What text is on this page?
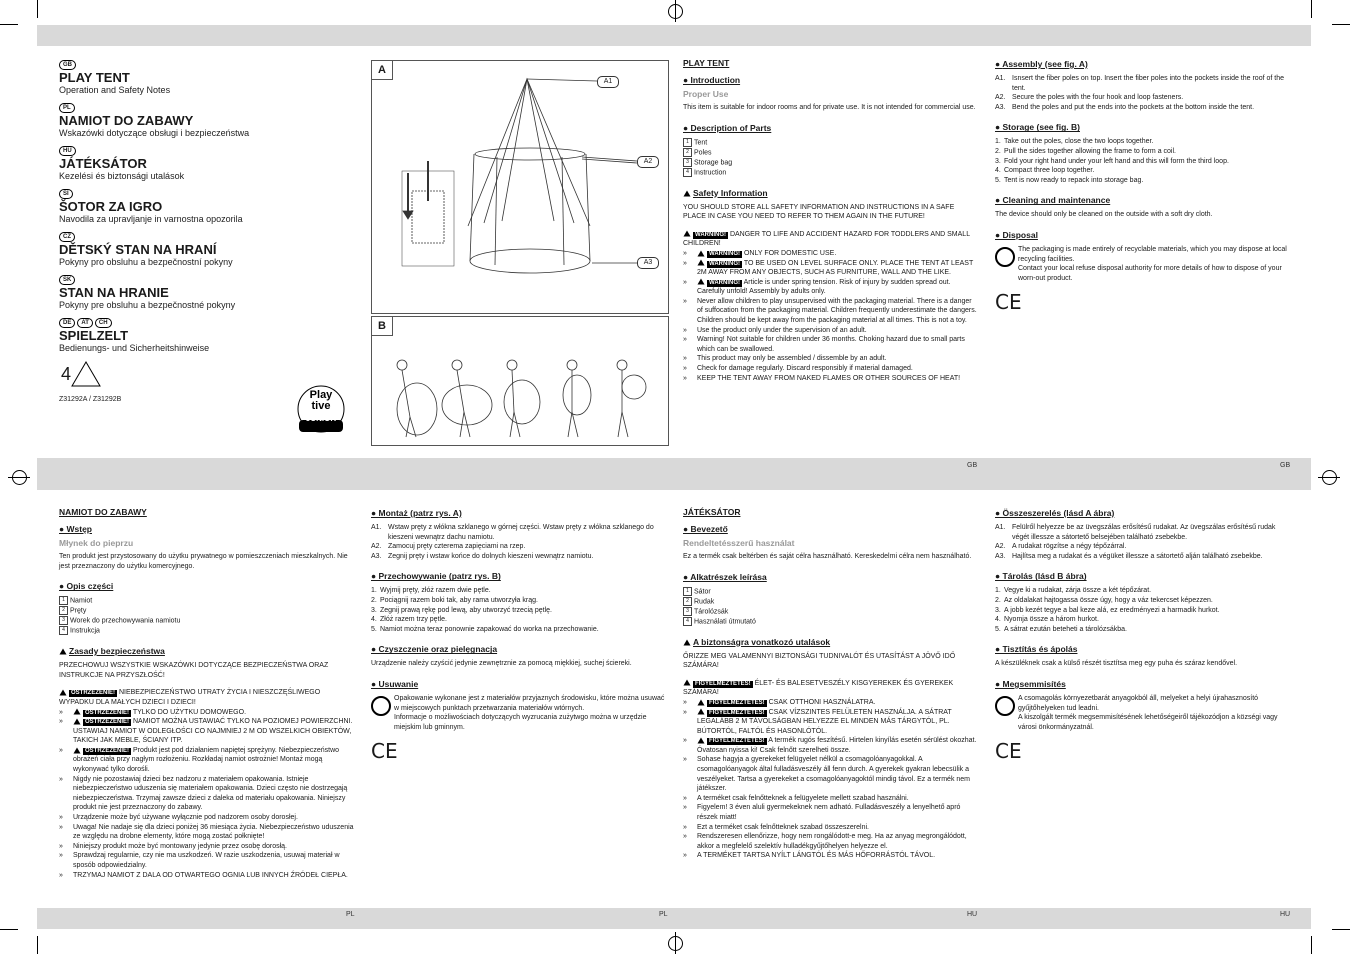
GB	GB
PL	PL	HU	HU
GB
PLAY TENT
Operation and Safety Notes
PL
NAMIOT DO ZABAWY
Wskazówki dotyczące obsługi i bezpieczeństwa
HU
JÁTÉKSÁTOR
Kezelési és biztonsági utalások
SI
ŠOTOR ZA IGRO
Navodila za upravljanje in varnostna opozorila
CZ
DĚTSKÝ STAN NA HRANÍ
Pokyny pro obsluhu a bezpečnostní pokyny
SK
STAN NA HRANIE
Pokyny pre obsluhu a bezpečnostné pokyny
DE AT CH
SPIELZELT
Bedienungs- und Sicherheitshinweise
4
Z31292A / Z31292B	Play
tive
JUNIOR
A
A1
A2
A3
B
PLAY TENT
● Introduction
Proper Use

This item is suitable for indoor rooms and for private use. It is not intended for commercial use.

● Description of Parts
1 Tent
2 Poles
3 Storage bag
4 Instruction
Safety Information

YOU SHOULD STORE ALL SAFETY INFORMATION AND INSTRUCTIONS IN A SAFE PLACE IN CASE YOU NEED TO REFER TO THEM AGAIN IN THE FUTURE!

WARNING! DANGER TO LIFE AND ACCIDENT HAZARD FOR TODDLERS AND SMALL CHILDREN!

»	WARNING! ONLY FOR DOMESTIC USE.
»	WARNING! TO BE USED ON LEVEL SURFACE ONLY. PLACE THE TENT AT LEAST 2M AWAY FROM ANY OBJECTS, SUCH AS FURNITURE, WALL AND THE LIKE.
»	WARNING! Article is under spring tension. Risk of injury by sudden spread out. Carefully unfold! Assembly by adults only.
» Never allow children to play unsupervised with the packaging material. There is a danger of suffocation from the packaging material. Children frequently underestimate the dangers. Children should be kept away from the packaging material at all times. This is not a toy.
» Use the product only under the supervision of an adult.
» Warning! Not suitable for children under 36 months. Choking hazard due to small parts which can be swallowed.
» This product may only be assembled / dissemble by an adult.
» Check for damage regularly. Discard responsibly if material damaged.
» KEEP THE TENT AWAY FROM NAKED FLAMES OR OTHER SOURCES OF HEAT!
● Assembly (see fig. A)
A1. Isnsert the fiber poles on top. Insert the fiber poles into the pockets inside the roof of the tent.
A2. Secure the poles with the four hook and loop fasteners.
A3. Bend the poles and put the ends into the pockets at the bottom inside the tent.
● Storage (see fig. B)
1. Take out the poles, close the two loops together.
2. Pull the sides together allowing the frame to form a coil.
3. Fold your right hand under your left hand and this will form the third loop.
4. Compact three loop together.
5. Tent is now ready to repack into storage bag.
● Cleaning and maintenance

The device should only be cleaned on the outside with a soft dry cloth.

● Disposal

The packaging is made entirely of recyclable materials, which you may dispose at local recycling facilities.

Contact your local refuse disposal authority for more details of how to dispose of your worn-out product.

CE
NAMIOT DO ZABAWY
● Wstęp
Młynek do pieprzu

Ten produkt jest przystosowany do użytku prywatnego w pomieszczeniach mieszkalnych. Nie jest przeznaczony do użytku komercyjnego.

● Opis części
1 Namiot
2 Pręty
3 Worek do przechowywania namiotu
4 Instrukcja
Zasady bezpieczeństwa

PRZECHOWUJ WSZYSTKIE WSKAZÓWKI DOTYCZĄCE BEZPIECZEŃSTWA ORAZ INSTRUKCJE NA PRZYSZŁOŚĆ!

OSTRZEŻENIE! NIEBEZPIECZEŃSTWO UTRATY ŻYCIA I NIESZCZĘŚLIWEGO WYPADKU DLA MAŁYCH DZIECI I DZIECI!

»	OSTRZEŻENIE! TYLKO DO UŻYTKU DOMOWEGO.
»	OSTRZEŻENIE! NAMIOT MOŻNA USTAWIAĆ TYLKO NA POZIOMEJ POWIERZCHNI. USTAWIAJ NAMIOT W ODLEGŁOŚCI CO NAJMNIEJ 2 M OD WSZELKICH OBIEKTÓW, TAKICH JAK MEBLE, ŚCIANY ITP.
»	OSTRZEŻENIE! Produkt jest pod działaniem napiętej sprężyny. Niebezpieczeństwo obrażeń ciała przy nagłym rozłożeniu. Rozkładaj namiot ostrożnie! Montaż mogą wykonywać tylko dorośli.
» Nigdy nie pozostawiaj dzieci bez nadzoru z materiałem opakowania. Istnieje niebezpieczeństwo uduszenia się materiałem opakowania. Dzieci często nie dostrzegają niebezpieczeństwa. Trzymaj zawsze dzieci z daleka od materiału opakowania. Niniejszy produkt nie jest przeznaczony do zabawy.
» Urządzenie może być używane wyłącznie pod nadzorem osoby dorosłej.
» Uwaga! Nie nadaje się dla dzieci poniżej 36 miesiąca życia. Niebezpieczeństwo uduszenia ze względu na drobne elementy, które mogą zostać połknięte!
» Niniejszy produkt może być montowany jedynie przez osobę dorosłą.
» Sprawdzaj regularnie, czy nie ma uszkodzeń. W razie uszkodzenia, usuwaj materiał w sposób odpowiedzialny.
» TRZYMAJ NAMIOT Z DALA OD OTWARTEGO OGNIA LUB INNYCH ŹRÓDEŁ CIEPŁA.
● Montaż (patrz rys. A)
A1. Wstaw pręty z włókna szklanego w górnej części. Wstaw pręty z włókna szklanego do kieszeni wewnątrz dachu namiotu.
A2. Zamocuj pręty czterema zapięciami na rzep.
A3. Zegnij pręty i wstaw końce do dolnych kieszeni wewnątrz namiotu.
● Przechowywanie (patrz rys. B)
1. Wyjmij pręty, złóż razem dwie pętle.
2. Pociągnij razem boki tak, aby rama utworzyła krąg.
3. Zegnij prawą rękę pod lewą, aby utworzyć trzecią pętlę.
4. Złóż razem trzy pętle.
5. Namiot można teraz ponownie zapakować do worka na przechowanie.
● Czyszczenie oraz pielęgnacja

Urządzenie należy czyścić jedynie zewnętrznie za pomocą miękkiej, suchej ściereki.

● Usuwanie

Opakowanie wykonane jest z materiałów przyjaznych środowisku, które można usuwać w miejscowych punktach przetwarzania materiałów wtórnych.

Informacje o możliwościach dotyczących wyzrucania zużytwgo można w urzędzie miejskim lub gminnym.

CE
JÁTÉKSÁTOR
● Bevezető
Rendeltetésszerű használat

Ez a termék csak beltérben és saját célra használható. Kereskedelmi célra nem használható.

● Alkatrészek leírása
1 Sátor
2 Rudak
3 Tárolózsák
4 Használati útmutató
A biztonságra vonatkozó utalások

ŐRIZZE MEG VALAMENNYI BIZTONSÁGI TUDNIVALÓT ÉS UTASÍTÁST A JÖVŐ IDŐ SZÁMÁRA!

FIGYELMEZTETÉS! ÉLET- ÉS BALESETVESZÉLY KISGYEREKEK ÉS GYEREKEK SZÁMÁRA!

»	FIGYELMEZTETÉS! CSAK OTTHONI HASZNÁLATRA.
»	FIGYELMEZTETÉS! CSAK VÍZSZINTES FELÜLETEN HASZNÁLJA. A SÁTRAT LEGALÁBB 2 M TÁVOLSÁGBAN HELYEZZE EL MINDEN MÁS TÁRGYTÓL, PL. BÚTORTÓL, FALTÓL ÉS HASONLÓTÓL.
»	FIGYELMEZTETÉS! A termék rugós feszítésű. Hirtelen kinyílás esetén sérülést okozhat. Óvatosan nyissa ki! Csak felnőtt szerelheti össze.
» Sohase hagyja a gyerekeket felügyelet nélkül a csomagolóanyagokkal. A csomagolóanyagok által fulladásveszély áll fenn durch. A gyerekek gyakran lebecsülik a veszélyeket. Tartsa a gyerekeket a csomagolóanyagoktól mindig távol. Ez a termék nem játékszer.
» A terméket csak felnőtteknek a felügyelete mellett szabad használni.
» Figyelem! 3 éven aluli gyermekeknek nem adható. Fulladásveszély a lenyelhető apró részek miatt!
» Ezt a terméket csak felnőtteknek szabad összeszerelni.
» Rendszeresen ellenőrizze, hogy nem rongálódott-e meg. Ha az anyag megrongálódott, akkor a megfelelő szelektív hulladékgyűjtőhelyen helyezze el.
» A TERMÉKET TARTSA NYÍLT LÁNGTÓL ÉS MÁS HŐFORRÁSTÓL TÁVOL.
● Összeszerelés (lásd A ábra)
A1. Felülről helyezze be az üvegszálas erősítésű rudakat. Az üvegszálas erősítésű rudak végét illessze a sátortető belsejében található zsebekbe.
A2. A rudakat rögzítse a négy tépőzárral.
A3. Hajlítsa meg a rudakat és a végüket illessze a sátortető alján található zsebekbe.
● Tárolás (lásd B ábra)
1. Vegye ki a rudakat, zárja össze a két tépőzárat.
2. Az oldalakat hajtogassa össze úgy, hogy a váz tekercset képezzen.
3. A jobb kezét tegye a bal keze alá, ez eredményezi a harmadik hurkot.
4. Nyomja össze a három hurkot.
5. A sátrat ezután beteheti a tárolózsákba.
● Tisztítás és ápolás

A készüléknek csak a külső részét tisztítsa meg egy puha és száraz kendővel.

● Megsemmisítés

A csomagolás környezetbarát anyagokból áll, melyeket a helyi újrahasznosító gyűjtőhelyeken tud leadni.

A kiszolgált termék megsemmisítésének lehetőségeiről tájékozódjon a községi vagy városi önkormányzatnál.

CE
